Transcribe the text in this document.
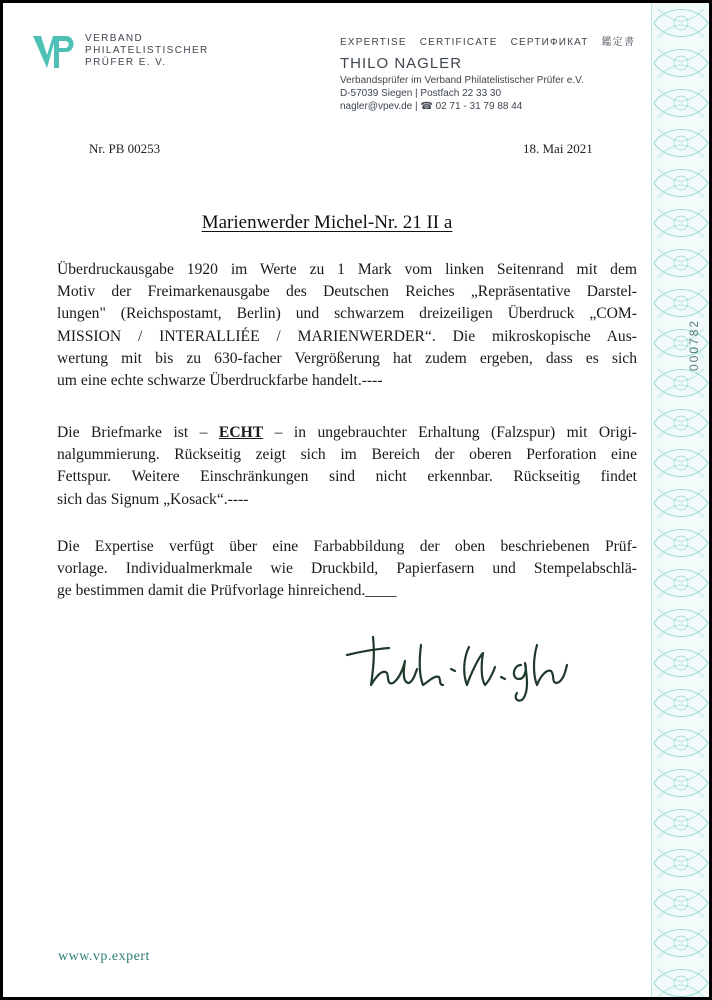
000782
VERBAND
PHILATELISTISCHER
PRÜFER E. V.
EXPERTISE CERTIFICATE СЕРТИФИКАТ 鑑定書
THILO NAGLER
Verbandsprüfer im Verband Philatelistischer Prüfer e.V.
D-57039 Siegen | Postfach 22 33 30
nagler@vpev.de | ☎ 02 71 - 31 79 88 44
Nr. PB 00253	18. Mai 2021
Marienwerder Michel-Nr. 21 II a
Überdruckausgabe 1920 im Werte zu 1 Mark vom linken Seitenrand mit dem
Motiv der Freimarkenausgabe des Deutschen Reiches „Repräsentative Darstel-
lungen" (Reichspostamt, Berlin) und schwarzem dreizeiligen Überdruck „COM-
MISSION / INTERALLIÉE / MARIENWERDER“. Die mikroskopische Aus-
wertung mit bis zu 630-facher Vergrößerung hat zudem ergeben, dass es sich
um eine echte schwarze Überdruckfarbe handelt.----
Die Briefmarke ist – ECHT – in ungebrauchter Erhaltung (Falzspur) mit Origi-
nalgummierung. Rückseitig zeigt sich im Bereich der oberen Perforation eine
Fettspur. Weitere Einschränkungen sind nicht erkennbar. Rückseitig findet
sich das Signum „Kosack“.----
Die Expertise verfügt über eine Farbabbildung der oben beschriebenen Prüf-
vorlage. Individualmerkmale wie Druckbild, Papierfasern und Stempelabschlä-
ge bestimmen damit die Prüfvorlage hinreichend.____
www.vp.expert
